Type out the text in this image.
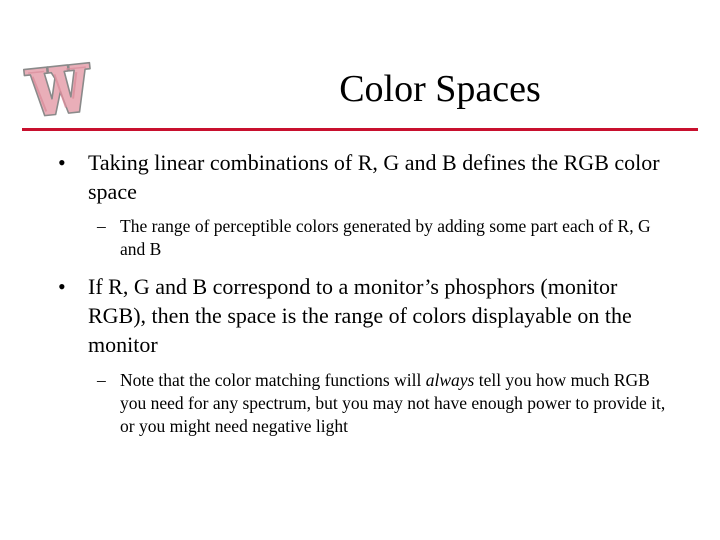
Color Spaces
• Taking linear combinations of R, G and B defines the RGB color space
– The range of perceptible colors generated by adding some part each of R, G and B
• If R, G and B correspond to a monitor’s phosphors (monitor RGB), then the space is the range of colors displayable on the monitor
– Note that the color matching functions will always tell you how much RGB you need for any spectrum, but you may not have enough power to provide it, or you might need negative light
